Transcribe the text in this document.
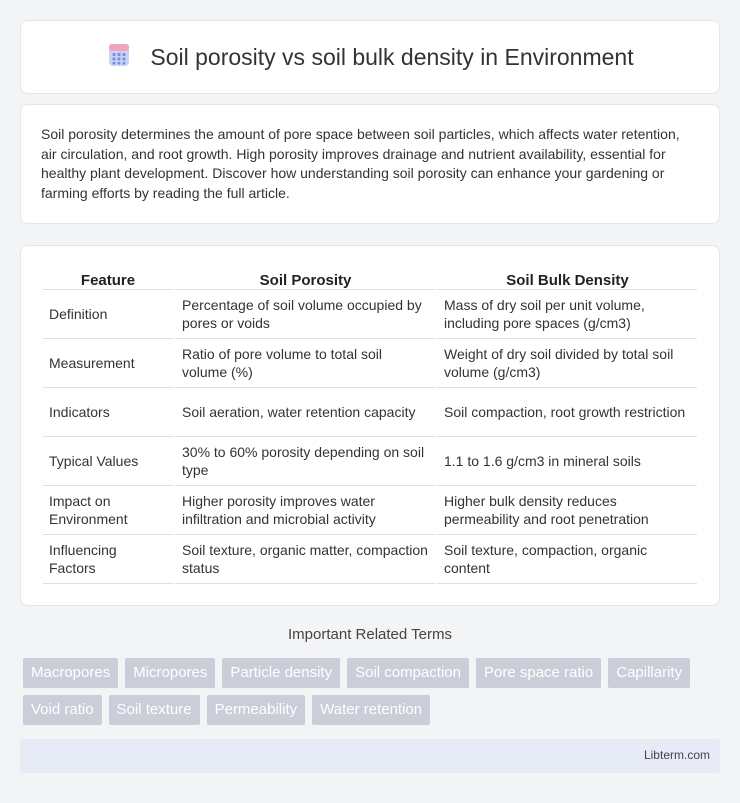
Soil porosity vs soil bulk density in Environment

Soil porosity determines the amount of pore space between soil particles, which affects water retention, air circulation, and root growth. High porosity improves drainage and nutrient availability, essential for healthy plant development. Discover how understanding soil porosity can enhance your gardening or farming efforts by reading the full article.

Feature	Soil Porosity	Soil Bulk Density
Definition	Percentage of soil volume occupied by pores or voids	Mass of dry soil per unit volume, including pore spaces (g/cm3)
Measurement	Ratio of pore volume to total soil volume (%)	Weight of dry soil divided by total soil volume (g/cm3)
Indicators	Soil aeration, water retention capacity	Soil compaction, root growth restriction
Typical Values	30% to 60% porosity depending on soil type	1.1 to 1.6 g/cm3 in mineral soils
Impact on Environment	Higher porosity improves water infiltration and microbial activity	Higher bulk density reduces permeability and root penetration
Influencing Factors	Soil texture, organic matter, compaction status	Soil texture, compaction, organic content
Important Related Terms
Macropores	Micropores	Particle density	Soil compaction	Pore space ratio	Capillarity
Void ratio	Soil texture	Permeability	Water retention
Libterm.com
